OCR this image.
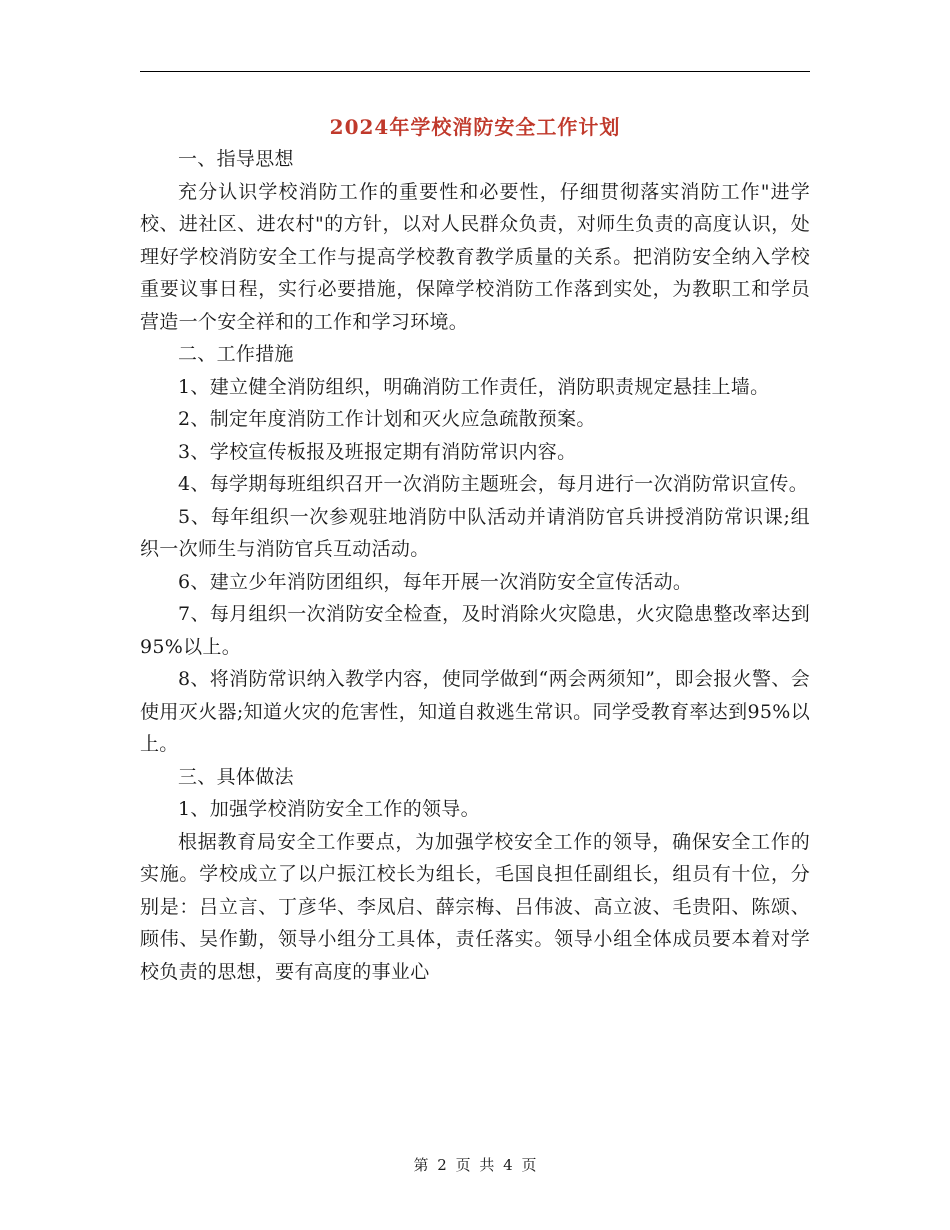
2024年学校消防安全工作计划

一、指导思想

充分认识学校消防工作的重要性和必要性，仔细贯彻落实消防工作"进学校、进社区、进农村"的方针，以对人民群众负责，对师生负责的高度认识，处理好学校消防安全工作与提高学校教育教学质量的关系。把消防安全纳入学校重要议事日程，实行必要措施，保障学校消防工作落到实处，为教职工和学员营造一个安全祥和的工作和学习环境。

二、工作措施

1、建立健全消防组织，明确消防工作责任，消防职责规定悬挂上墙。

2、制定年度消防工作计划和灭火应急疏散预案。

3、学校宣传板报及班报定期有消防常识内容。

4、每学期每班组织召开一次消防主题班会，每月进行一次消防常识宣传。

5、每年组织一次参观驻地消防中队活动并请消防官兵讲授消防常识课;组织一次师生与消防官兵互动活动。

6、建立少年消防团组织，每年开展一次消防安全宣传活动。

7、每月组织一次消防安全检查，及时消除火灾隐患，火灾隐患整改率达到95%以上。

8、将消防常识纳入教学内容，使同学做到“两会两须知”，即会报火警、会使用灭火器;知道火灾的危害性，知道自救逃生常识。同学受教育率达到95%以上。

三、具体做法

1、加强学校消防安全工作的领导。

根据教育局安全工作要点，为加强学校安全工作的领导，确保安全工作的实施。学校成立了以户振江校长为组长，毛国良担任副组长，组员有十位，分别是：吕立言、丁彦华、李凤启、薛宗梅、吕伟波、高立波、毛贵阳、陈颂、顾伟、吴作勤，领导小组分工具体，责任落实。领导小组全体成员要本着对学校负责的思想，要有高度的事业心

第 2 页 共 4 页
